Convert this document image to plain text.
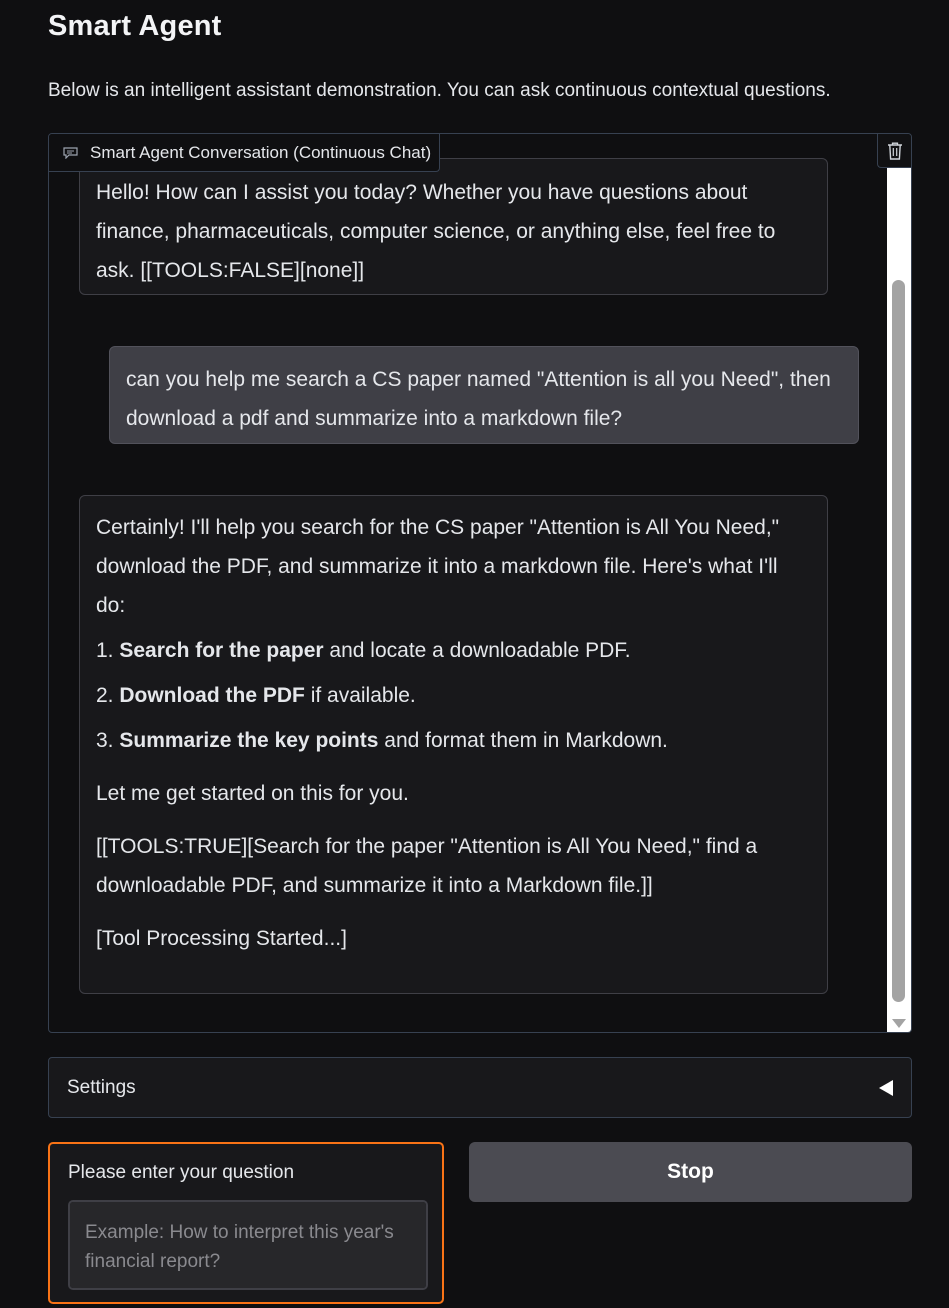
Smart Agent
Below is an intelligent assistant demonstration. You can ask continuous contextual questions.
Smart Agent Conversation (Continuous Chat)
Hello! How can I assist you today? Whether you have questions about finance, pharmaceuticals, computer science, or anything else, feel free to ask. [[TOOLS:FALSE][none]]
can you help me search a CS paper named "Attention is all you Need", then download a pdf and summarize into a markdown file?

Certainly! I'll help you search for the CS paper "Attention is All You Need," download the PDF, and summarize it into a markdown file. Here's what I'll do:

1. Search for the paper and locate a downloadable PDF.

2. Download the PDF if available.

3. Summarize the key points and format them in Markdown.

Let me get started on this for you.

[[TOOLS:TRUE][Search for the paper "Attention is All You Need," find a downloadable PDF, and summarize it into a Markdown file.]]

[Tool Processing Started...]

Settings
Please enter your question
Example: How to interpret this year's financial report?	Stop
